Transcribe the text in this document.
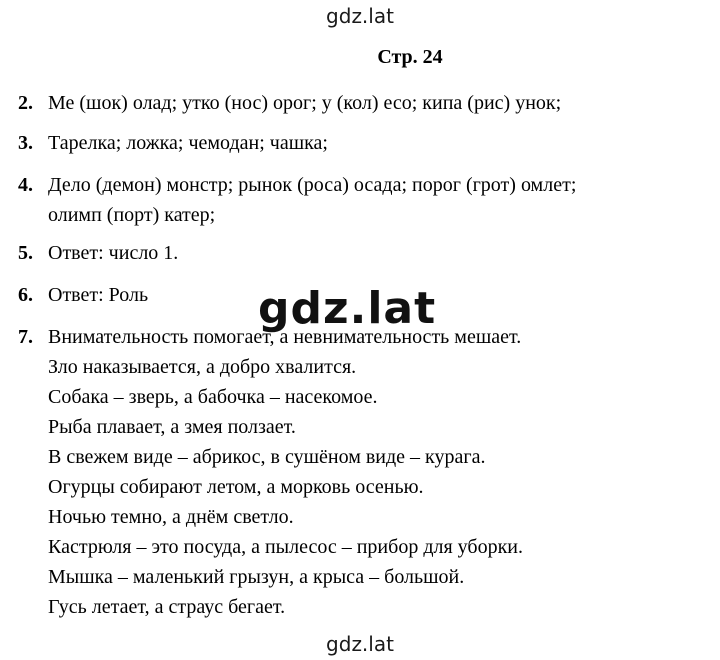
gdz.lat
Стр. 24
2. Ме (шок) олад; утко (нос) орог; у (кол) есо; кипа (рис) унок;
3. Тарелка; ложка; чемодан; чашка;
4. Дело (демон) монстр; рынок (роса) осада; порог (грот) омлет;
олимп (порт) катер;
5. Ответ: число 1.
6. Ответ: Роль
7. Внимательность помогает, а невнимательность мешает.
Зло наказывается, а добро хвалится.
Собака – зверь, а бабочка – насекомое.
Рыба плавает, а змея ползает.
В свежем виде – абрикос, в сушёном виде – курага.
Огурцы собирают летом, а морковь осенью.
Ночью темно, а днём светло.
Кастрюля – это посуда, а пылесос – прибор для уборки.
Мышка – маленький грызун, а крыса – большой.
Гусь летает, а страус бегает.
gdz.lat
gdz.lat
